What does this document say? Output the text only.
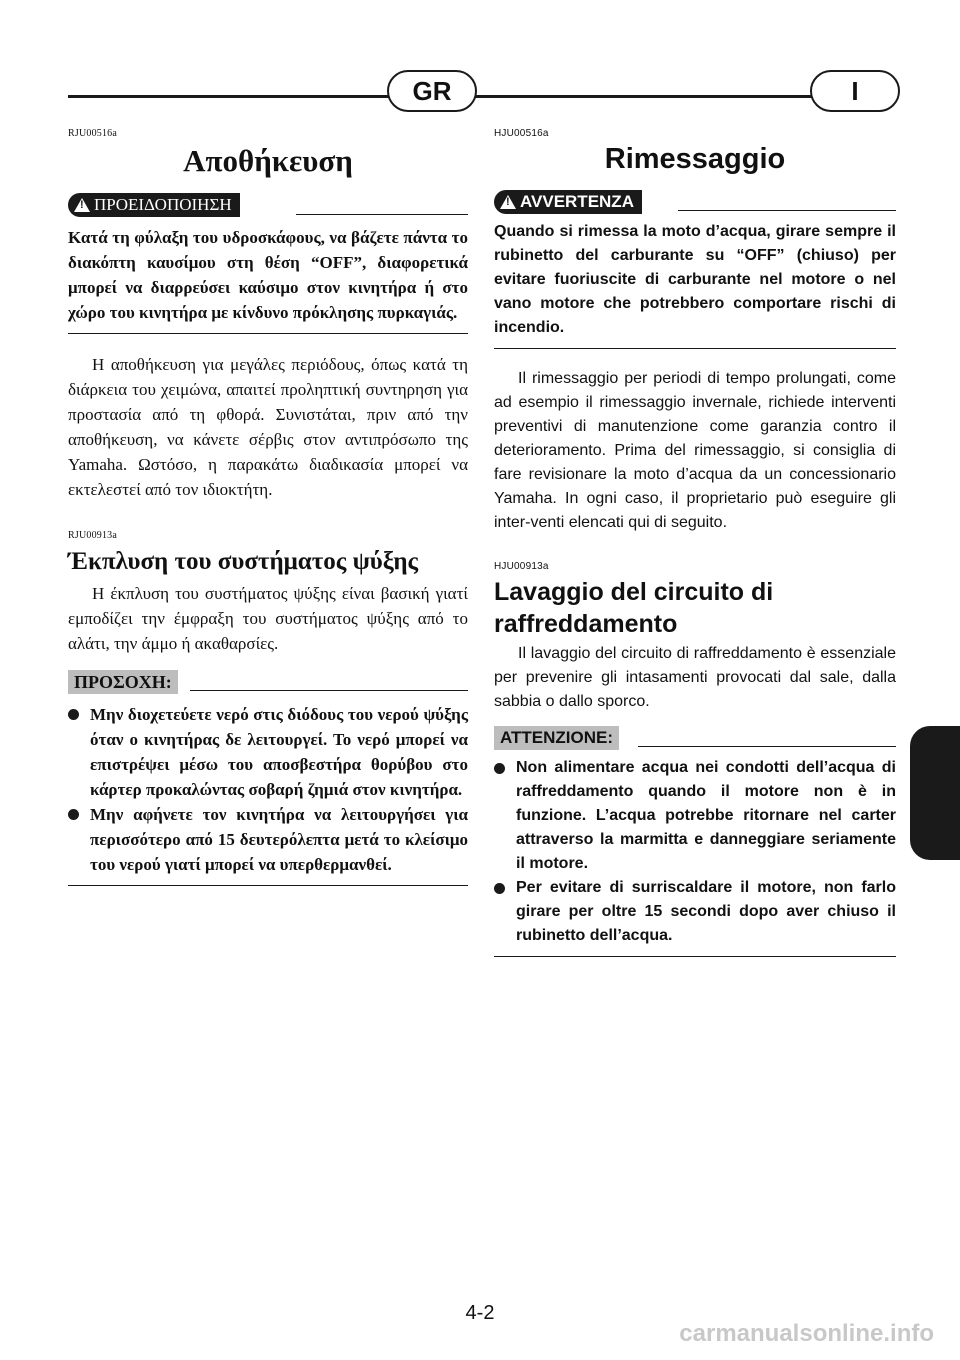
GR	I
RJU00516a
Αποθήκευση
!
ΠΡΟΕΙΔΟΠΟΙΗΣΗ
Κατά τη φύλαξη του υδροσκάφους, να βάζετε πάντα το διακόπτη καυσίμου στη θέση “OFF”, διαφορετικά μπορεί να διαρρεύσει καύσιμο στον κινητήρα ή στο χώρο του κινητήρα με κίνδυνο πρόκλησης πυρκαγιάς.
Η αποθήκευση για μεγάλες περιόδους, όπως κατά τη διάρκεια του χειμώνα, απαιτεί προληπτική συντηρηση για προστασία από τη φθορά. Συνιστάται, πριν από την αποθήκευση, να κάνετε σέρβις στον αντιπρόσωπο της Yamaha. Ωστόσο, η παρακάτω διαδικασία μπορεί να εκτελεστεί από τον ιδιοκτήτη.
RJU00913a
Έκπλυση του συστήματος ψύξης
Η έκπλυση του συστήματος ψύξης είναι βασική γιατί εμποδίζει την έμφραξη του συστήματος ψύξης από το αλάτι, την άμμο ή ακαθαρσίες.
ΠΡΟΣΟΧΗ:
Μην διοχετεύετε νερό στις διόδους του νερού ψύξης όταν ο κινητήρας δε λειτουργεί. Το νερό μπορεί να επιστρέψει μέσω του αποσβεστήρα θορύβου στο κάρτερ προκαλώντας σοβαρή ζημιά στον κινητήρα.
Μην αφήνετε τον κινητήρα να λειτουργήσει για περισσότερο από 15 δευτερόλεπτα μετά το κλείσιμο του νερού γιατί μπορεί να υπερθερμανθεί.
HJU00516a
Rimessaggio
!
AVVERTENZA
Quando si rimessa la moto d’acqua, girare sempre il rubinetto del carburante su “OFF” (chiuso) per evitare fuoriuscite di carburante nel motore o nel vano motore che potrebbero comportare rischi di incendio.
Il rimessaggio per periodi di tempo prolungati, come ad esempio il rimessaggio invernale, richiede interventi preventivi di manutenzione come garanzia contro il deterioramento. Prima del rimessaggio, si consiglia di fare revisionare la moto d’acqua da un concessionario Yamaha. In ogni caso, il proprietario può eseguire gli inter-venti elencati qui di seguito.
HJU00913a
Lavaggio del circuito di raffreddamento
Il lavaggio del circuito di raffreddamento è essenziale per prevenire gli intasamenti provocati dal sale, dalla sabbia o dallo sporco.
ATTENZIONE:
Non alimentare acqua nei condotti dell’acqua di raffreddamento quando il motore non è in funzione. L’acqua potrebbe ritornare nel carter attraverso la marmitta e danneggiare seriamente il motore.
Per evitare di surriscaldare il motore, non farlo girare per oltre 15 secondi dopo aver chiuso il rubinetto dell’acqua.
4-2
carmanualsonline.info
